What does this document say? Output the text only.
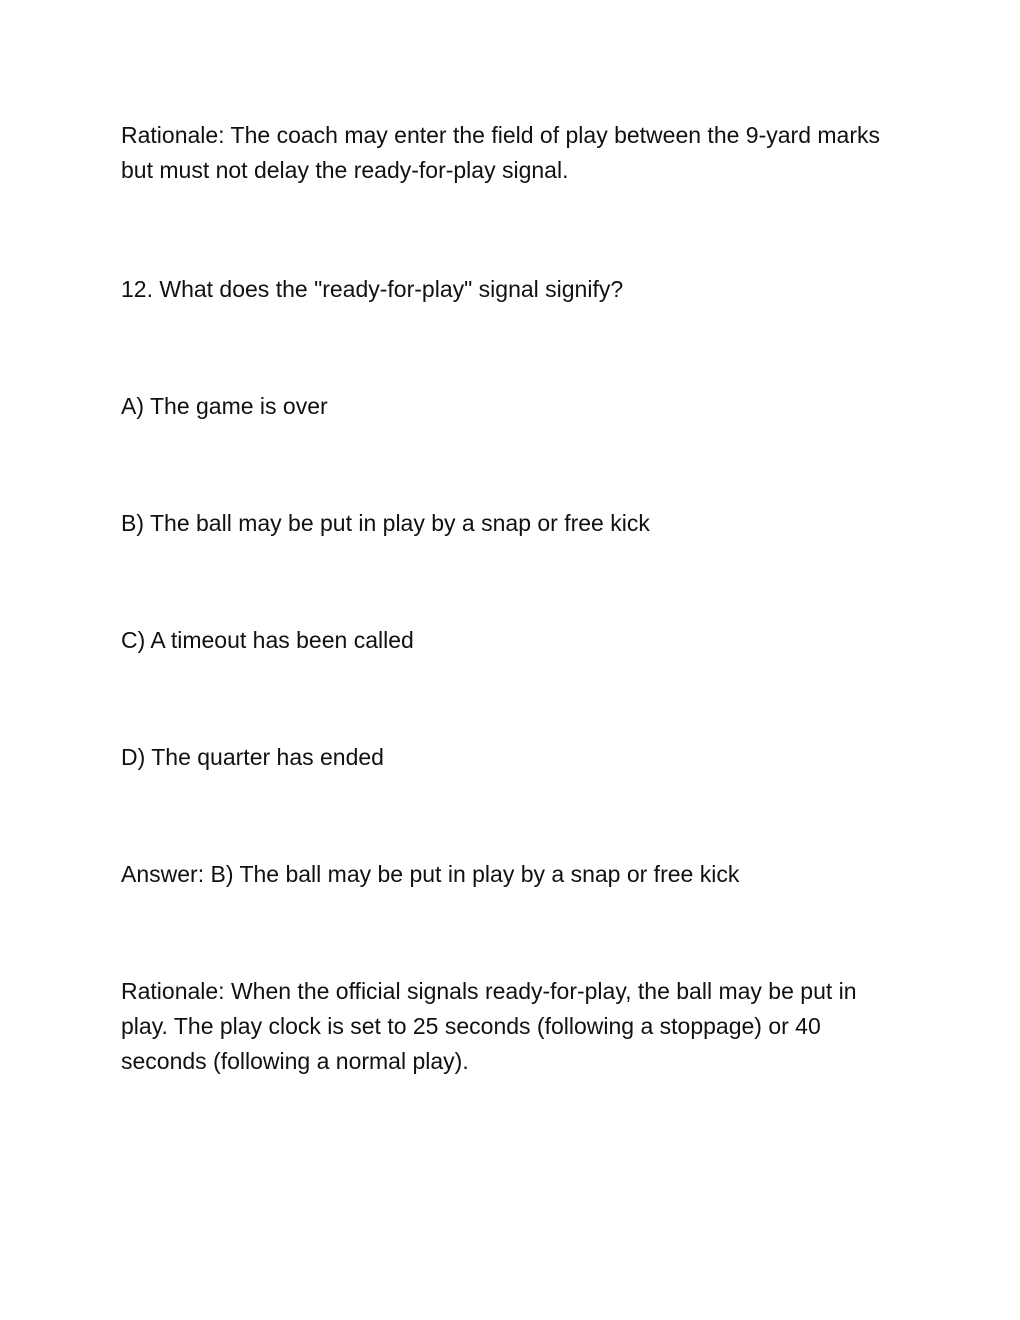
Rationale: The coach may enter the field of play between the 9-yard marks but must not delay the ready-for-play signal.

12. What does the "ready-for-play" signal signify?

A) The game is over

B) The ball may be put in play by a snap or free kick

C) A timeout has been called

D) The quarter has ended

Answer: B) The ball may be put in play by a snap or free kick

Rationale: When the official signals ready-for-play, the ball may be put in play. The play clock is set to 25 seconds (following a stoppage) or 40 seconds (following a normal play).
